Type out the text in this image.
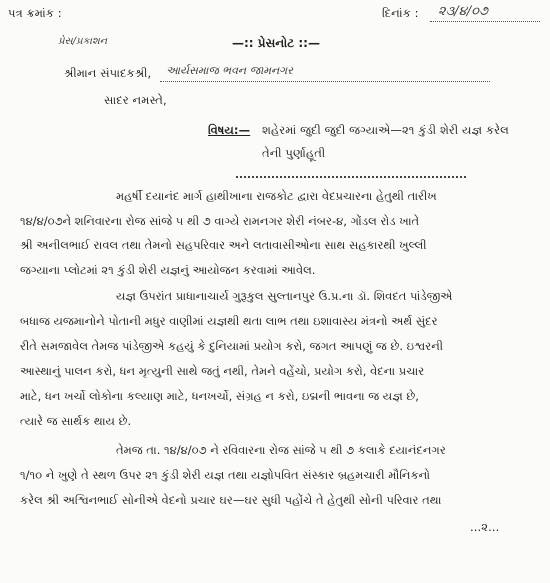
પત્ર ક્રમાંક :	દિનાંક : ૨૩/૪/૦૭
પ્રેસ/પ્રકાશન	—:: પ્રેસનોટ ::—
શ્રીમાન સંપાદકશ્રી, આર્યસમાજ ભવન જામનગર
સાદર નમસ્તે,
વિષય:— શહેરમાં જુદી જુદી જગ્યાએ—૨૧ કુંડી શેરી યજ્ઞ કરેલ
તેની પુર્ણાહૂતી
મહર્ષી દયાનંદ માર્ગ હાથીખાના રાજકોટ દ્વારા વેદપ્રચારના હેતુથી તારીખ
૧૪/૪/૦૭ને શનિવારના રોજ સાંજે ૫ થી ૭ વાગ્યે રામનગર શેરી નંબર-૪, ગોંડલ રોડ ખાતે
શ્રી અનીલભાઈ રાવલ તથા તેમનો સહપરિવાર અને લતાવાસીઓના સાથ સહકારથી ખુલ્લી
જગ્યાના પ્લોટમાં ૨૧ કુંડી શેરી યજ્ઞનું આયોજન કરવામાં આવેલ.
યજ્ઞ ઉપરાંત પ્રાધાનાચાર્ય ગુરૂકુલ સુલ્તાનપુર ઉ.પ્ર.ના ડૉ. શિવદત પાંડેજીએ
બધાજ યજમાનોને પોતાની મધુર વાણીમાં યજ્ઞથી થતા લાભ તથા ઇશાવાસ્ય મંત્રનો અર્થ સુંદર
રીતે સમજાવેલ તેમજ પાંડેજીએ કહયું કે દુનિયામાં પ્રયોગ કરો, જગત આપણું જ છે. ઇશ્વરની
આસ્થાનું પાલન કરો, ધન મૃત્યુની સાથે જતું નથી, તેમને વહેંચો, પ્રયોગ કરો, વેદના પ્રચાર
માટે, ધન ખર્ચો લોકોના કલ્યાણ માટે, ધનખર્ચો, સંગ્રહ ન કરો, ઇદ્મની ભાવના જ યજ્ઞ છે,
ત્યારે જ સાર્થક થાય છે.
તેમજ તા. ૧૪/૪/૦૭ ને રવિવારના રોજ સાંજે ૫ થી ૭ કલાકે દયાનંદનગર
૧/૧૦ ને ખુણે તે સ્થળ ઉપર ૨૧ કુંડી શેરી યજ્ઞ તથા યજ્ઞોપવિત સંસ્કાર બ્રહમચારી મૌનિકનો
કરેલ શ્રી અશ્વિનભાઈ સોનીએ વેદનો પ્રચાર ઘર—ઘર સુધી પહોંચે તે હેતુથી સોની પરિવાર તથા
...૨...
